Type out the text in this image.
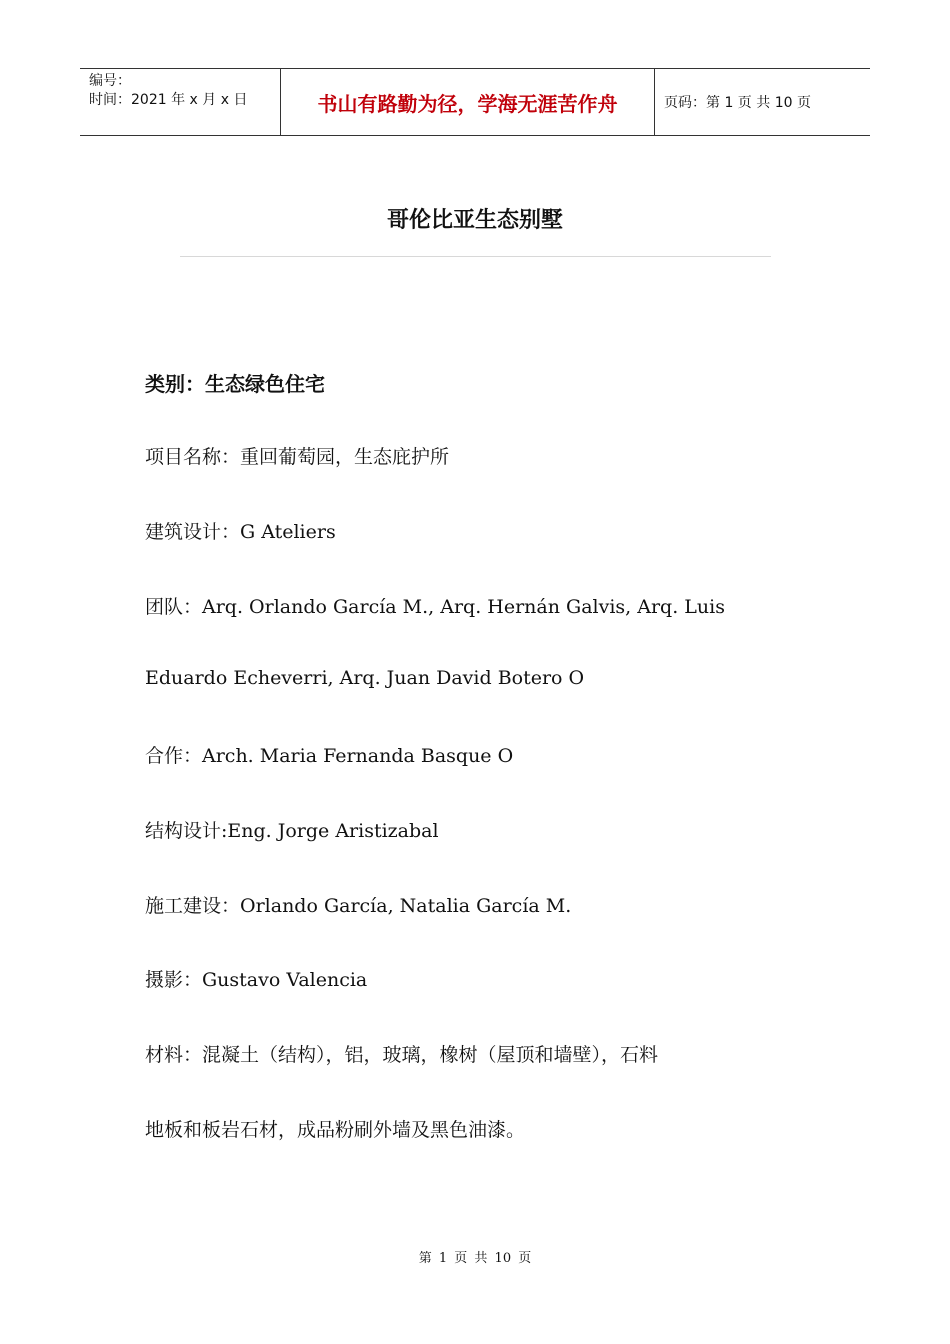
编号：
时间：2021 年 x 月 x 日	书山有路勤为径，学海无涯苦作舟	页码：第 1 页 共 10 页
哥伦比亚生态别墅
类别：生态绿色住宅
项目名称：重回葡萄园，生态庇护所
建筑设计：G Ateliers
团队：Arq. Orlando García M., Arq. Hernán Galvis, Arq. Luis
Eduardo Echeverri, Arq. Juan David Botero O
合作：Arch. Maria Fernanda Basque O
结构设计:Eng. Jorge Aristizabal
施工建设：Orlando García, Natalia García M.
摄影：Gustavo Valencia
材料：混凝土（结构），铝，玻璃，橡树（屋顶和墙壁），石料
地板和板岩石材，成品粉刷外墙及黑色油漆。
第 1 页 共 10 页
